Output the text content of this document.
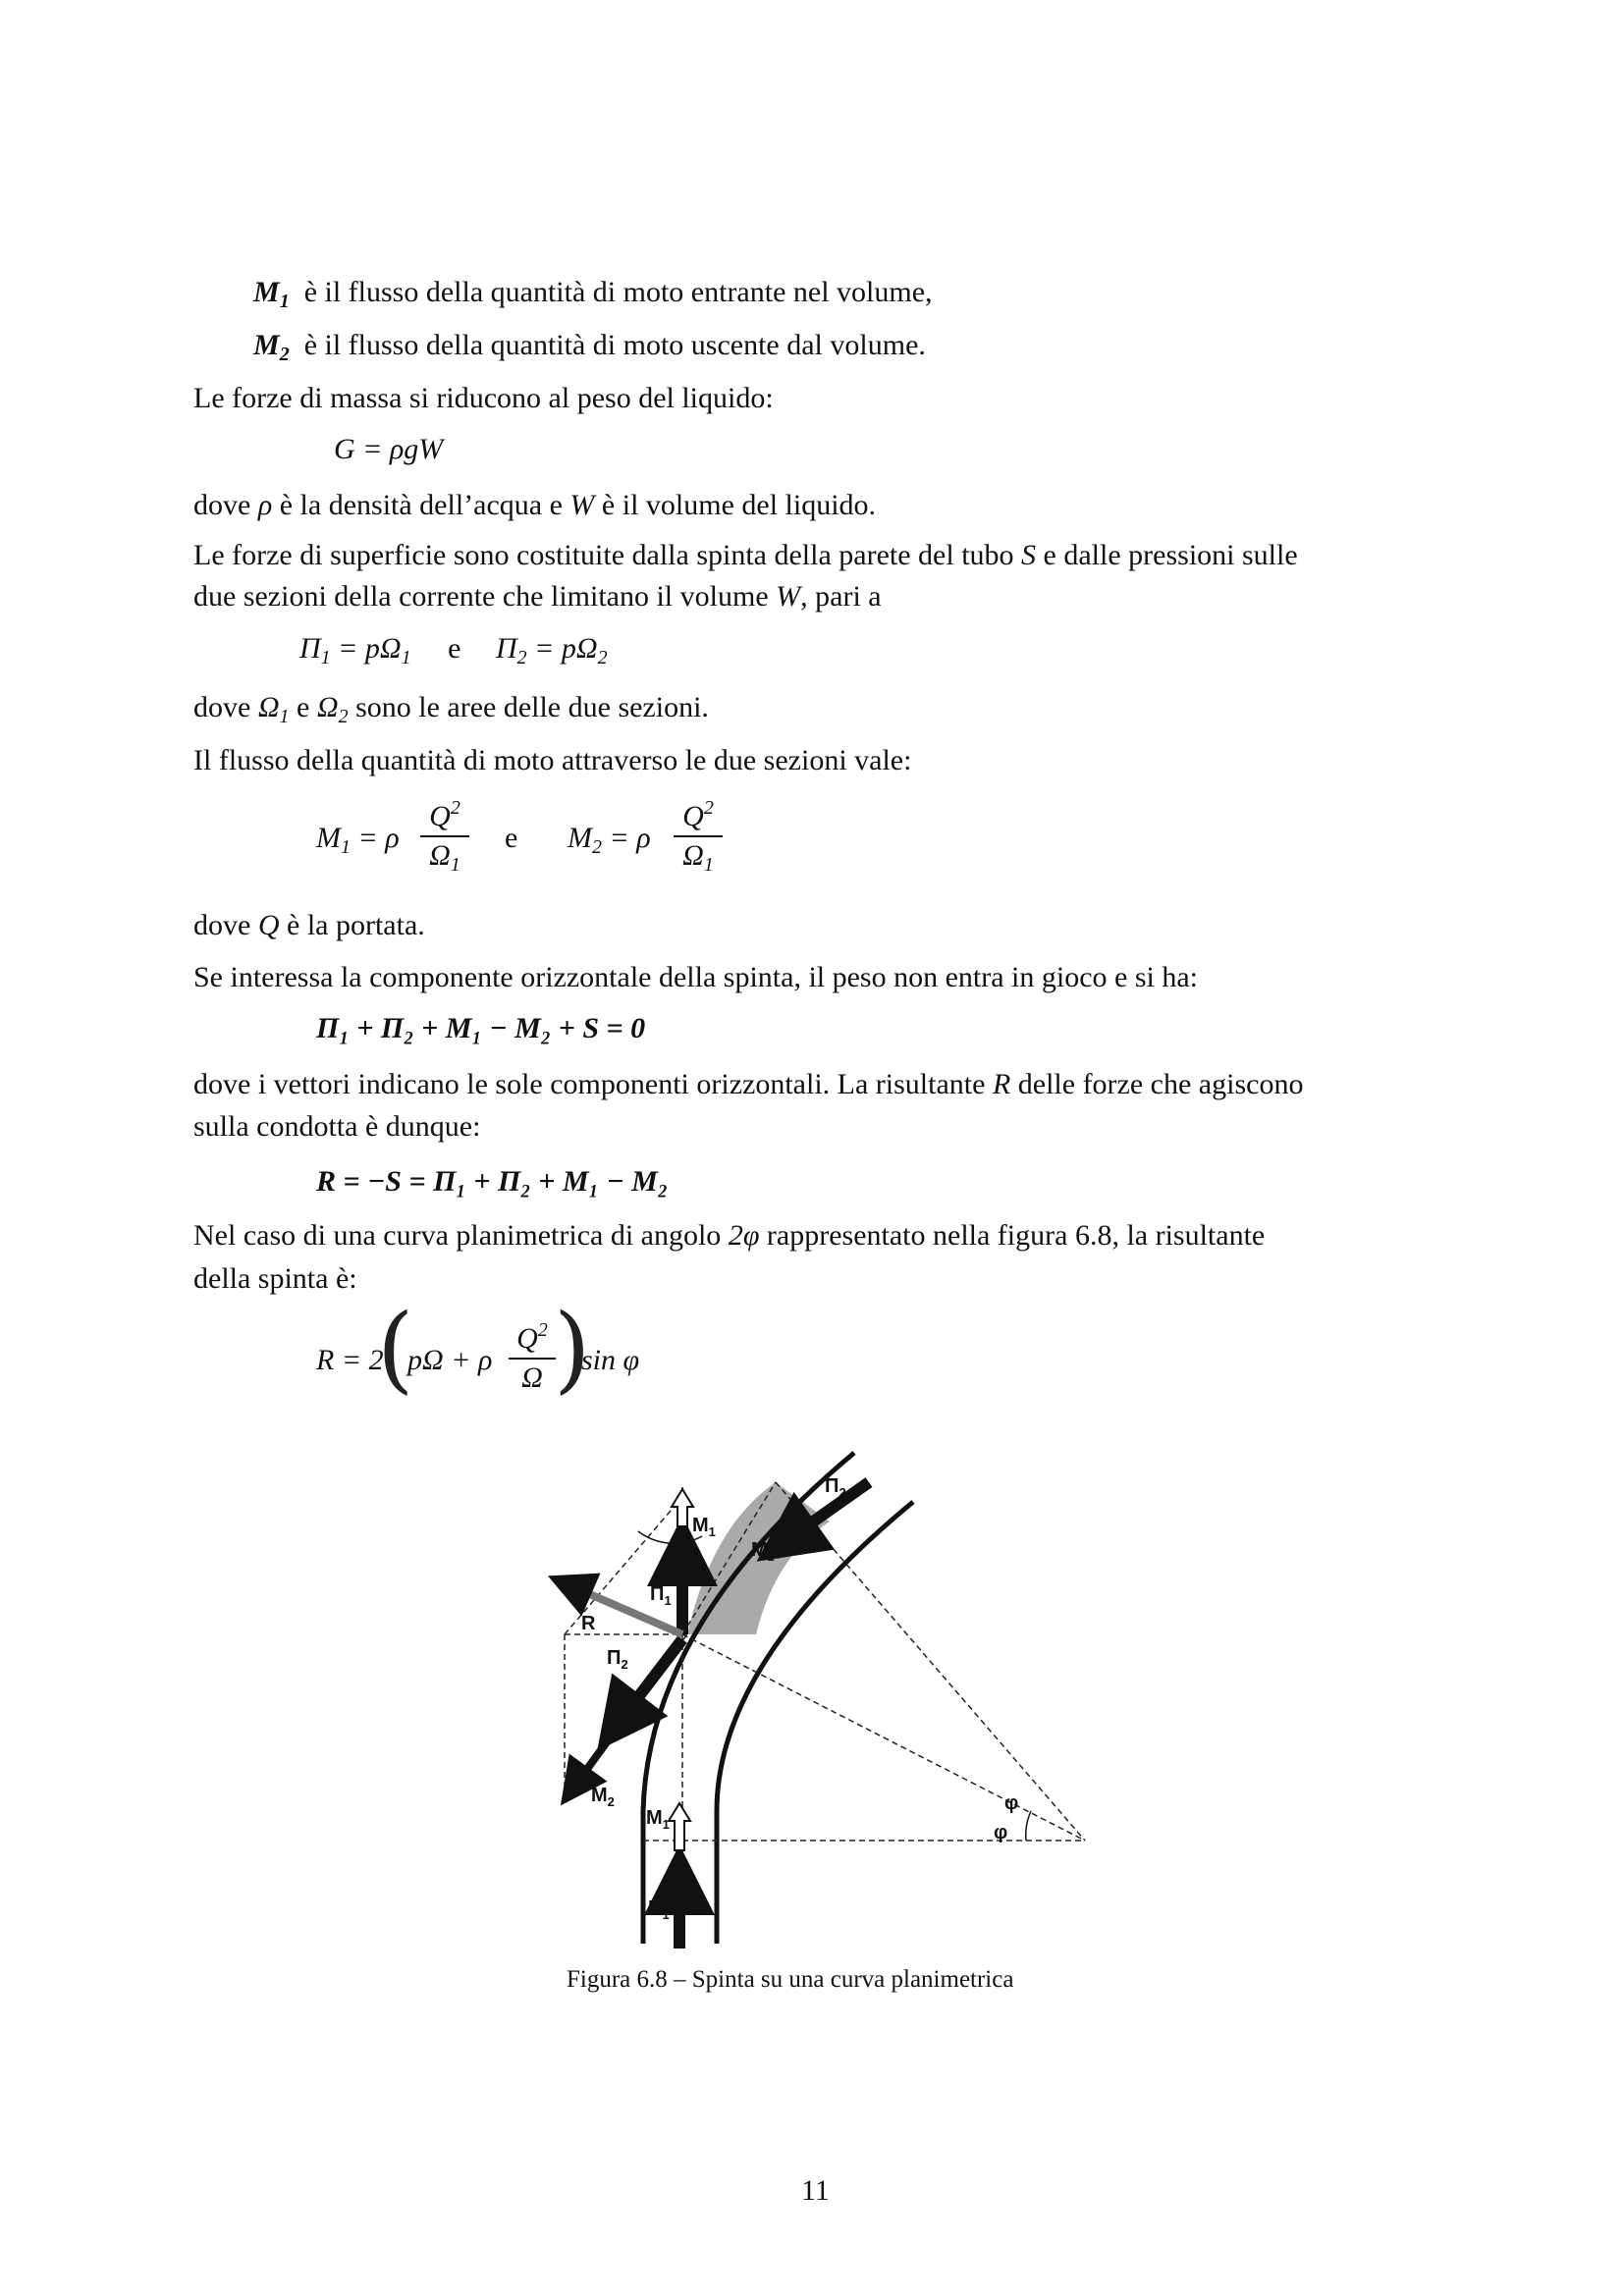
$M_1$ è il flusso della quantità di moto entrante nel volume,
$M_2$ è il flusso della quantità di moto uscente dal volume.
Le forze di massa si riducono al peso del liquido:
G = ρgW
dove ρ è la densità dell’acqua e W è il volume del liquido.
Le forze di superficie sono costituite dalla spinta della parete del tubo S e dalle pressioni sulle
due sezioni della corrente che limitano il volume W, pari a
$\Pi_1 = p\Omega_1$ e $\Pi_2 = p\Omega_2$
dove $\Omega_1$ e $\Omega_2$ sono le aree delle due sezioni.
Il flusso della quantità di moto attraverso le due sezioni vale:
$M_1 = \rho$
$Q^2$
$\Omega_1$
e $M_2 = \rho$
$Q^2$
$\Omega_1$
dove Q è la portata.
Se interessa la componente orizzontale della spinta, il peso non entra in gioco e si ha:
Π₁ + Π₂ + M₁ − M₂ + S = 0
dove i vettori indicano le sole componenti orizzontali. La risultante R delle forze che agiscono
sulla condotta è dunque:
R = −S = Π₁ + Π₂ + M₁ − M₂
Nel caso di una curva planimetrica di angolo 2φ rappresentato nella figura 6.8, la risultante
della spinta è:
R = 2
(
pΩ + ρ
$Q^2$
Ω )
sin φ
$\Pi_2$
$M_2$
$M_1$
φ φ
$\Pi_1$
R
$\Pi_2$
$M_2$
$M_1$
$\Pi_1$
φ
φ
Figura 6.8 – Spinta su una curva planimetrica
11
